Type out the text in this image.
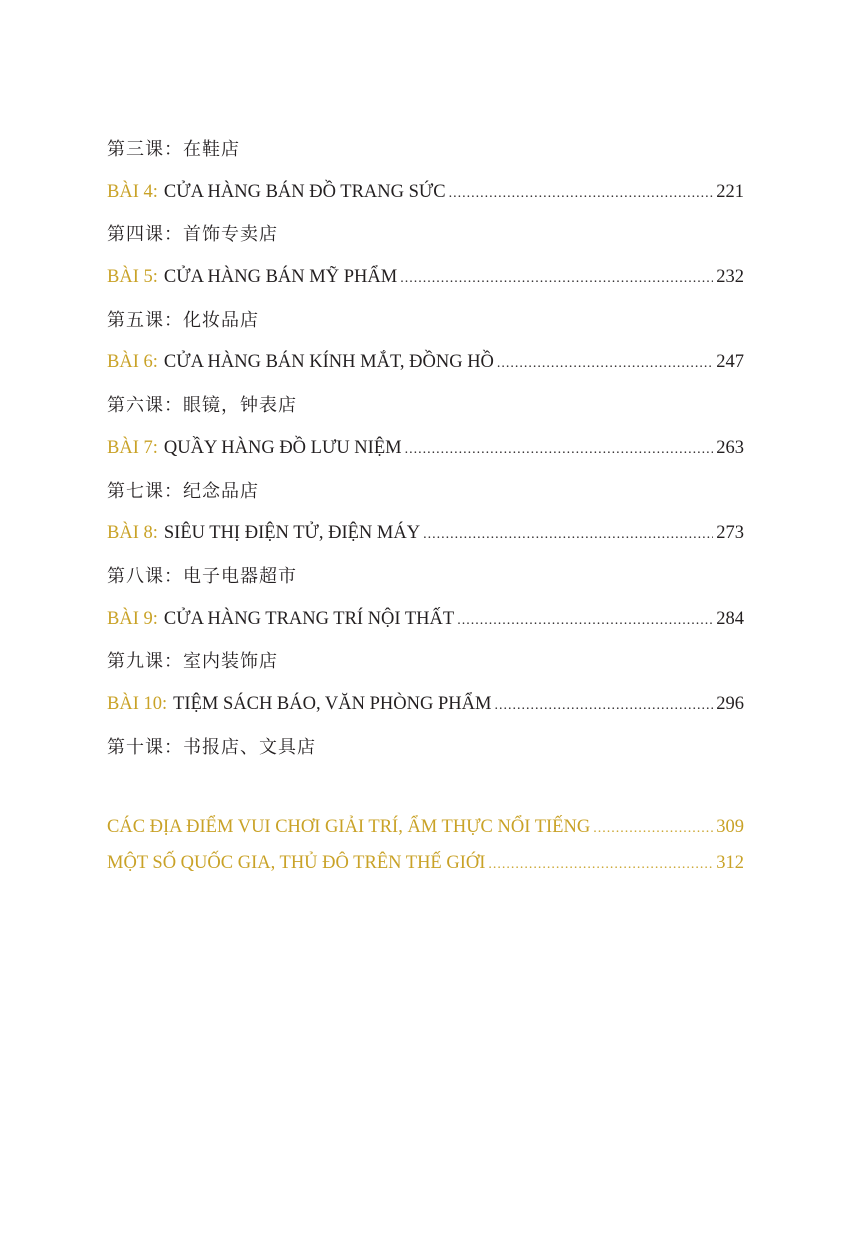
第三课：在鞋店
BÀI 4: CỬA HÀNG BÁN ĐỒ TRANG SỨC .....	221
第四课：首饰专卖店
BÀI 5: CỬA HÀNG BÁN MỸ PHẨM .....	232
第五课：化妆品店
BÀI 6: CỬA HÀNG BÁN KÍNH MẮT, ĐỒNG HỒ .....	247
第六课：眼镜，钟表店
BÀI 7: QUẦY HÀNG ĐỒ LƯU NIỆM .....	263
第七课：纪念品店
BÀI 8: SIÊU THỊ ĐIỆN TỬ, ĐIỆN MÁY .....	273
第八课：电子电器超市
BÀI 9: CỬA HÀNG TRANG TRÍ NỘI THẤT .....	284
第九课：室内装饰店
BÀI 10: TIỆM SÁCH BÁO, VĂN PHÒNG PHẨM .....	296
第十课：书报店、文具店
CÁC ĐỊA ĐIỂM VUI CHƠI GIẢI TRÍ, ẨM THỰC NỔI TIẾNG .....	309
MỘT SỐ QUỐC GIA, THỦ ĐÔ TRÊN THẾ GIỚI .....	312
